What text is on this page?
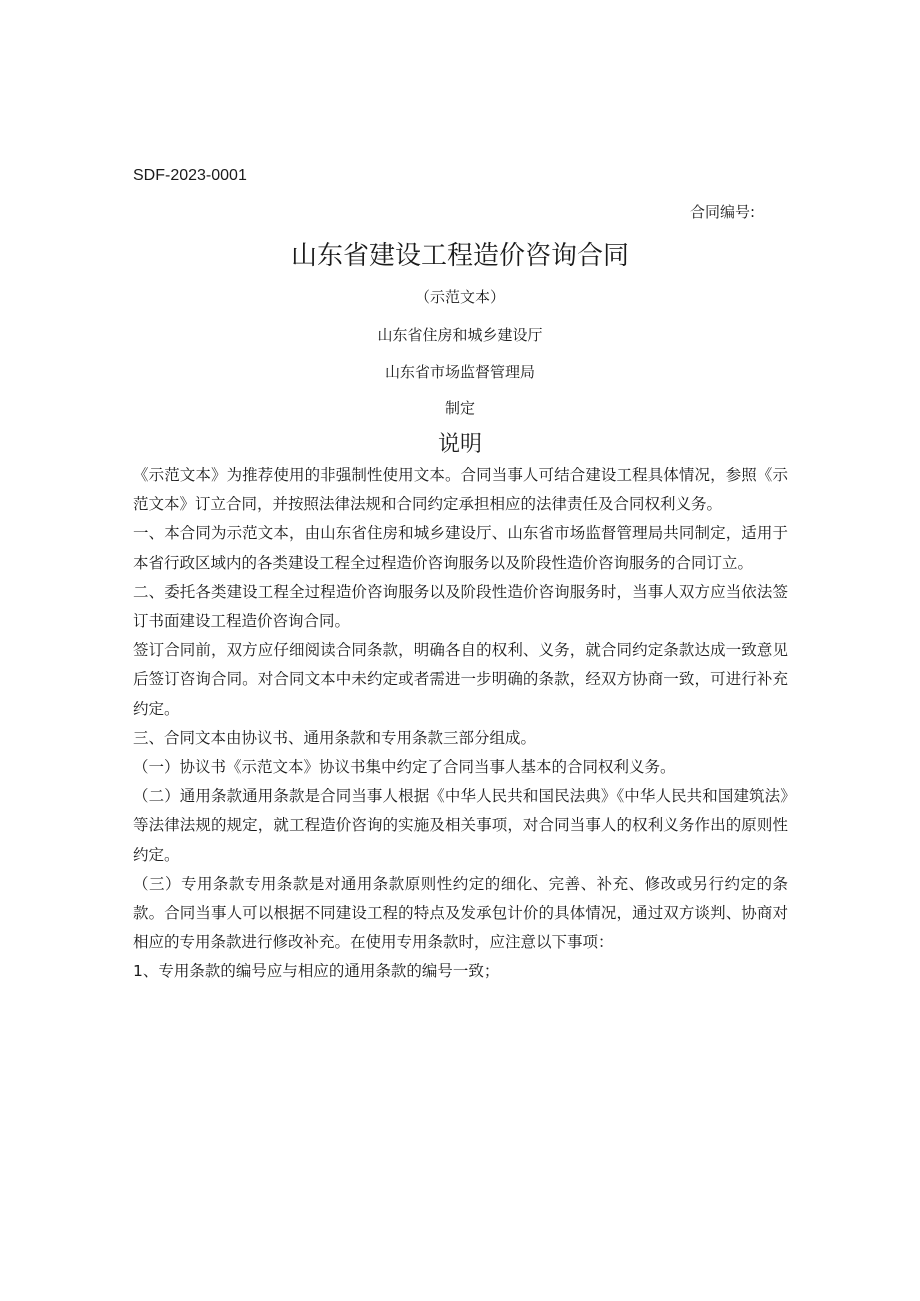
SDF-2023-0001
合同编号:
山东省建设工程造价咨询合同
（示范文本）
山东省住房和城乡建设厅
山东省市场监督管理局
制定
说明

《示范文本》为推荐使用的非强制性使用文本。合同当事人可结合建设工程具体情况，参照《示范文本》订立合同，并按照法律法规和合同约定承担相应的法律责任及合同权利义务。

一、本合同为示范文本，由山东省住房和城乡建设厅、山东省市场监督管理局共同制定，适用于本省行政区域内的各类建设工程全过程造价咨询服务以及阶段性造价咨询服务的合同订立。

二、委托各类建设工程全过程造价咨询服务以及阶段性造价咨询服务时，当事人双方应当依法签订书面建设工程造价咨询合同。

签订合同前，双方应仔细阅读合同条款，明确各自的权利、义务，就合同约定条款达成一致意见后签订咨询合同。对合同文本中未约定或者需进一步明确的条款，经双方协商一致，可进行补充约定。

三、合同文本由协议书、通用条款和专用条款三部分组成。

（一）协议书《示范文本》协议书集中约定了合同当事人基本的合同权利义务。

（二）通用条款通用条款是合同当事人根据《中华人民共和国民法典》《中华人民共和国建筑法》等法律法规的规定，就工程造价咨询的实施及相关事项，对合同当事人的权利义务作出的原则性约定。

（三）专用条款专用条款是对通用条款原则性约定的细化、完善、补充、修改或另行约定的条款。合同当事人可以根据不同建设工程的特点及发承包计价的具体情况，通过双方谈判、协商对相应的专用条款进行修改补充。在使用专用条款时，应注意以下事项：

1、专用条款的编号应与相应的通用条款的编号一致；
